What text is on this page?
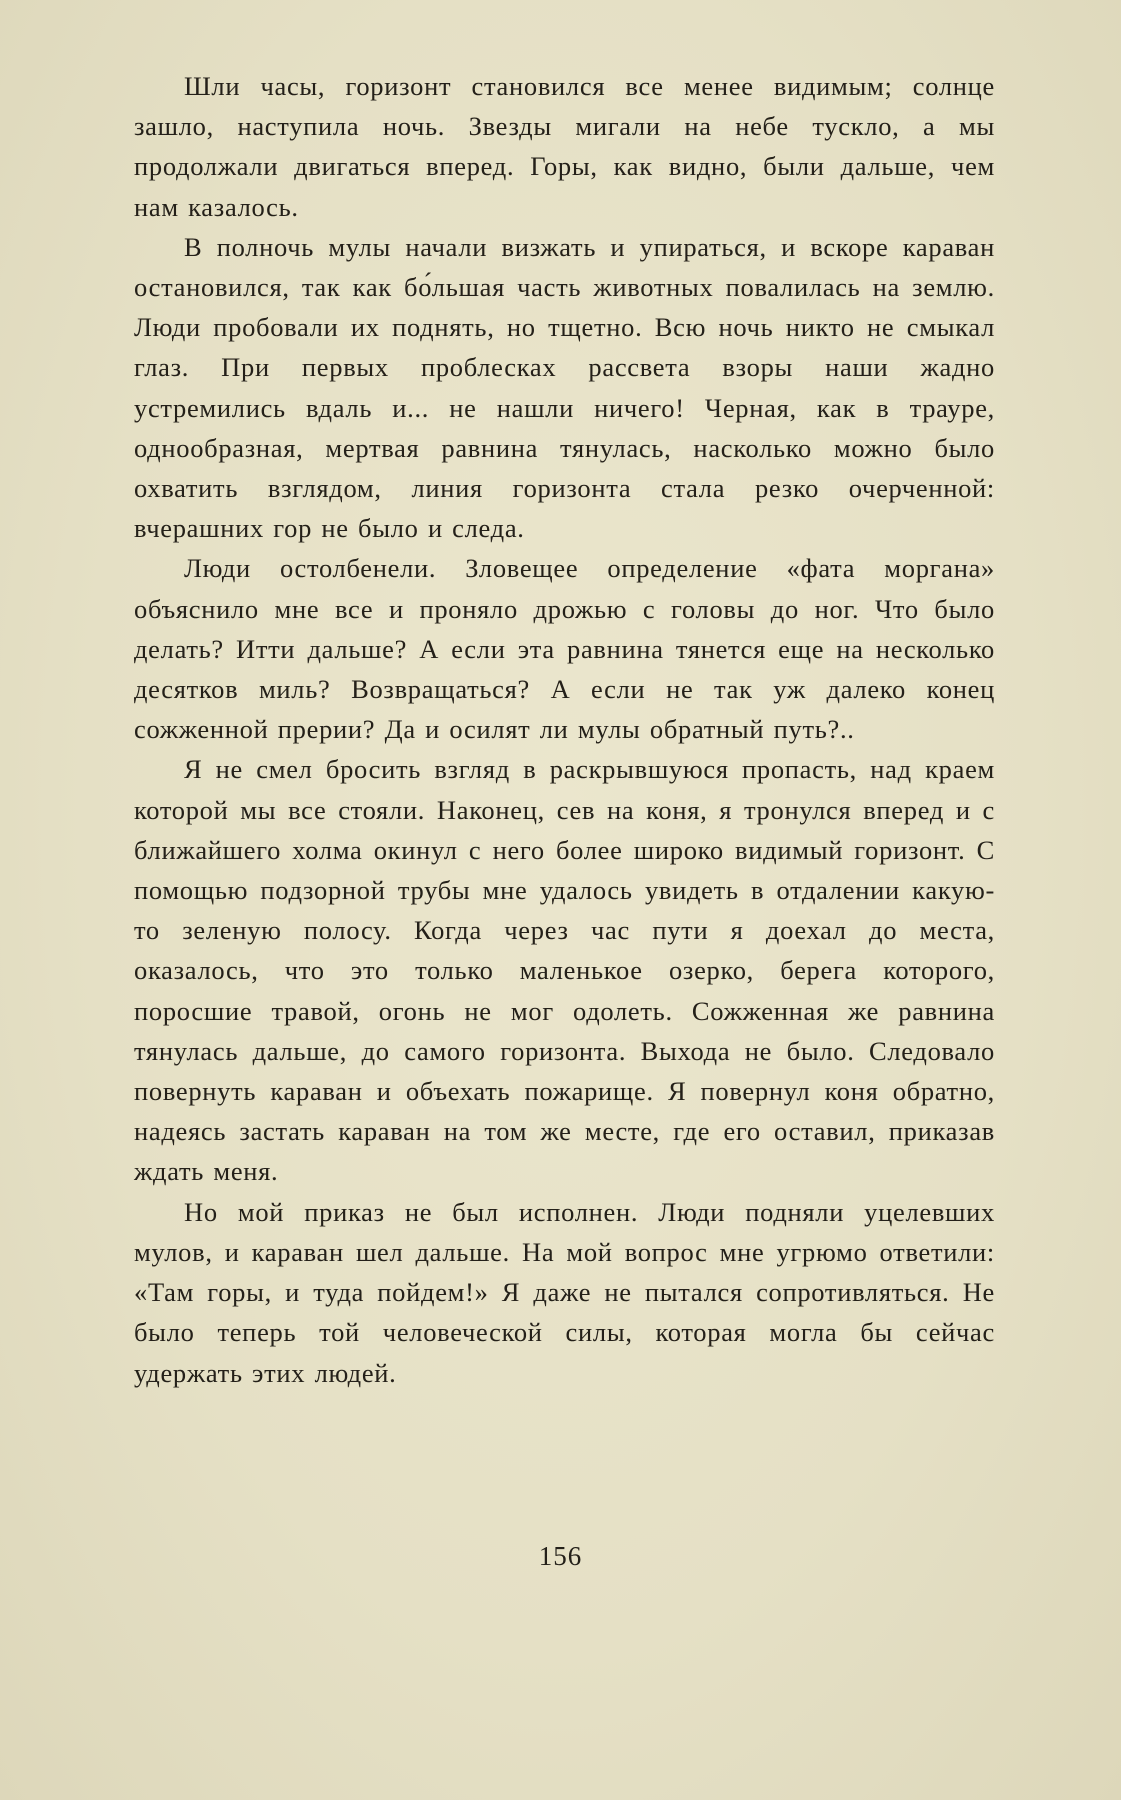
Шли часы, горизонт становился все менее видимым; солнце зашло, наступила ночь. Звезды мигали на небе тускло, а мы продолжали двигаться вперед. Горы, как видно, были дальше, чем нам казалось.

В полночь мулы начали визжать и упираться, и вскоре караван остановился, так как бо́льшая часть животных повалилась на землю. Люди пробовали их поднять, но тщетно. Всю ночь никто не смыкал глаз. При первых проблесках рассвета взоры наши жадно устремились вдаль и... не нашли ничего! Черная, как в трауре, однообразная, мертвая равнина тянулась, насколько можно было охватить взглядом, линия горизонта стала резко очерченной: вчерашних гор не было и следа.

Люди остолбенели. Зловещее определение «фата моргана» объяснило мне все и проняло дрожью с головы до ног. Что было делать? Итти дальше? А если эта равнина тянется еще на несколько десятков миль? Возвращаться? А если не так уж далеко конец сожженной прерии? Да и осилят ли мулы обратный путь?..

Я не смел бросить взгляд в раскрывшуюся пропасть, над краем которой мы все стояли. Наконец, сев на коня, я тронулся вперед и с ближайшего холма окинул с него более широко видимый горизонт. С помощью подзорной трубы мне удалось увидеть в отдалении какую-то зеленую полосу. Когда через час пути я доехал до места, оказалось, что это только маленькое озерко, берега которого, поросшие травой, огонь не мог одолеть. Сожженная же равнина тянулась дальше, до самого горизонта. Выхода не было. Следовало повернуть караван и объехать пожарище. Я повернул коня обратно, надеясь застать караван на том же месте, где его оставил, приказав ждать меня.

Но мой приказ не был исполнен. Люди подняли уцелевших мулов, и караван шел дальше. На мой вопрос мне угрюмо ответили: «Там горы, и туда пойдем!» Я даже не пытался сопротивляться. Не было теперь той человеческой силы, которая могла бы сейчас удержать этих людей.

156
